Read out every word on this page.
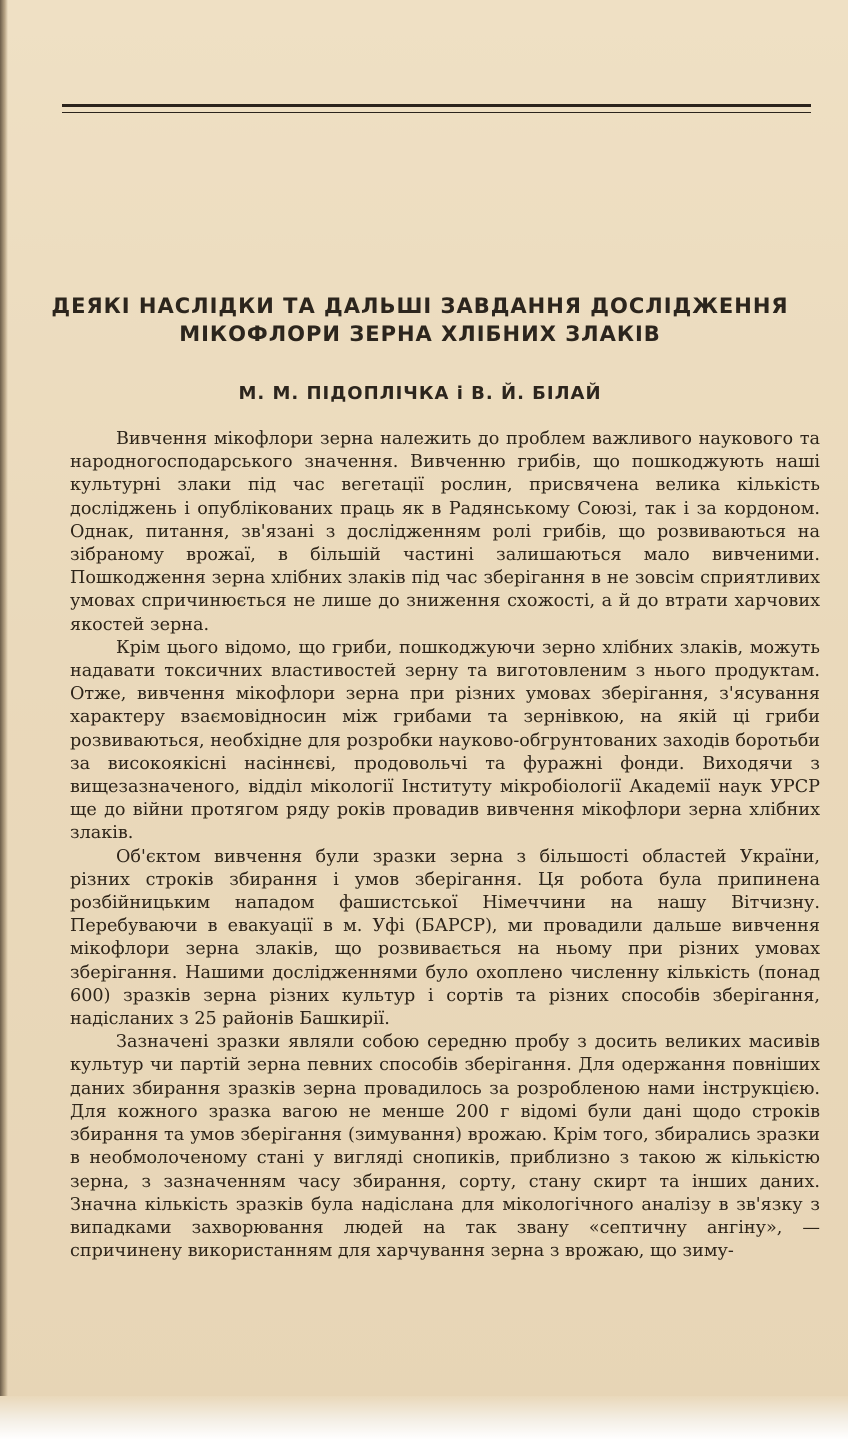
ДЕЯКІ НАСЛІДКИ ТА ДАЛЬШІ ЗАВДАННЯ ДОСЛІДЖЕННЯ
МІКОФЛОРИ ЗЕРНА ХЛІБНИХ ЗЛАКІВ
М. М. ПІДОПЛІЧКА і В. Й. БІЛАЙ

Вивчення мікофлори зерна належить до проблем важливого наукового та народногосподарського значення. Вивченню грибів, що пошкоджують наші культурні злаки під час вегетації рослин, присвячена велика кількість досліджень і опублікованих праць як в Радянському Союзі, так і за кордоном. Однак, питання, зв'язані з дослідженням ролі грибів, що розвиваються на зібраному врожаї, в більшій частині залишаються мало вивченими. Пошкодження зерна хлібних злаків під час зберігання в не зовсім сприятливих умовах спричинюється не лише до зниження схожості, а й до втрати харчових якостей зерна.

Крім цього відомо, що гриби, пошкоджуючи зерно хлібних злаків, можуть надавати токсичних властивостей зерну та виготовленим з нього продуктам. Отже, вивчення мікофлори зерна при різних умовах зберігання, з'ясування характеру взаємовідносин між грибами та зернівкою, на якій ці гриби розвиваються, необхідне для розробки науково-обгрунтованих заходів боротьби за високоякісні насіннєві, продовольчі та фуражні фонди. Виходячи з вищезазначеного, відділ мікології Інституту мікробіології Академії наук УРСР ще до війни протягом ряду років провадив вивчення мікофлори зерна хлібних злаків.

Об'єктом вивчення були зразки зерна з більшості областей України, різних строків збирання і умов зберігання. Ця робота була припинена розбійницьким нападом фашистської Німеччини на нашу Вітчизну. Перебуваючи в евакуації в м. Уфі (БАРСР), ми провадили дальше вивчення мікофлори зерна злаків, що розвивається на ньому при різних умовах зберігання. Нашими дослідженнями було охоплено численну кількість (понад 600) зразків зерна різних культур і сортів та різних способів зберігання, надісланих з 25 районів Башкирії.

Зазначені зразки являли собою середню пробу з досить великих масивів культур чи партій зерна певних способів зберігання. Для одержання повніших даних збирання зразків зерна провадилось за розробленою нами інструкцією. Для кожного зразка вагою не менше 200 г відомі були дані щодо строків збирання та умов зберігання (зимування) врожаю. Крім того, збирались зразки в необмолоченому стані у вигляді снопиків, приблизно з такою ж кількістю зерна, з зазначенням часу збирання, сорту, стану скирт та інших даних. Значна кількість зразків була надіслана для мікологічного аналізу в зв'язку з випадками захворювання людей на так звану «септичну ангіну», — спричинену використанням для харчування зерна з врожаю, що зиму-
